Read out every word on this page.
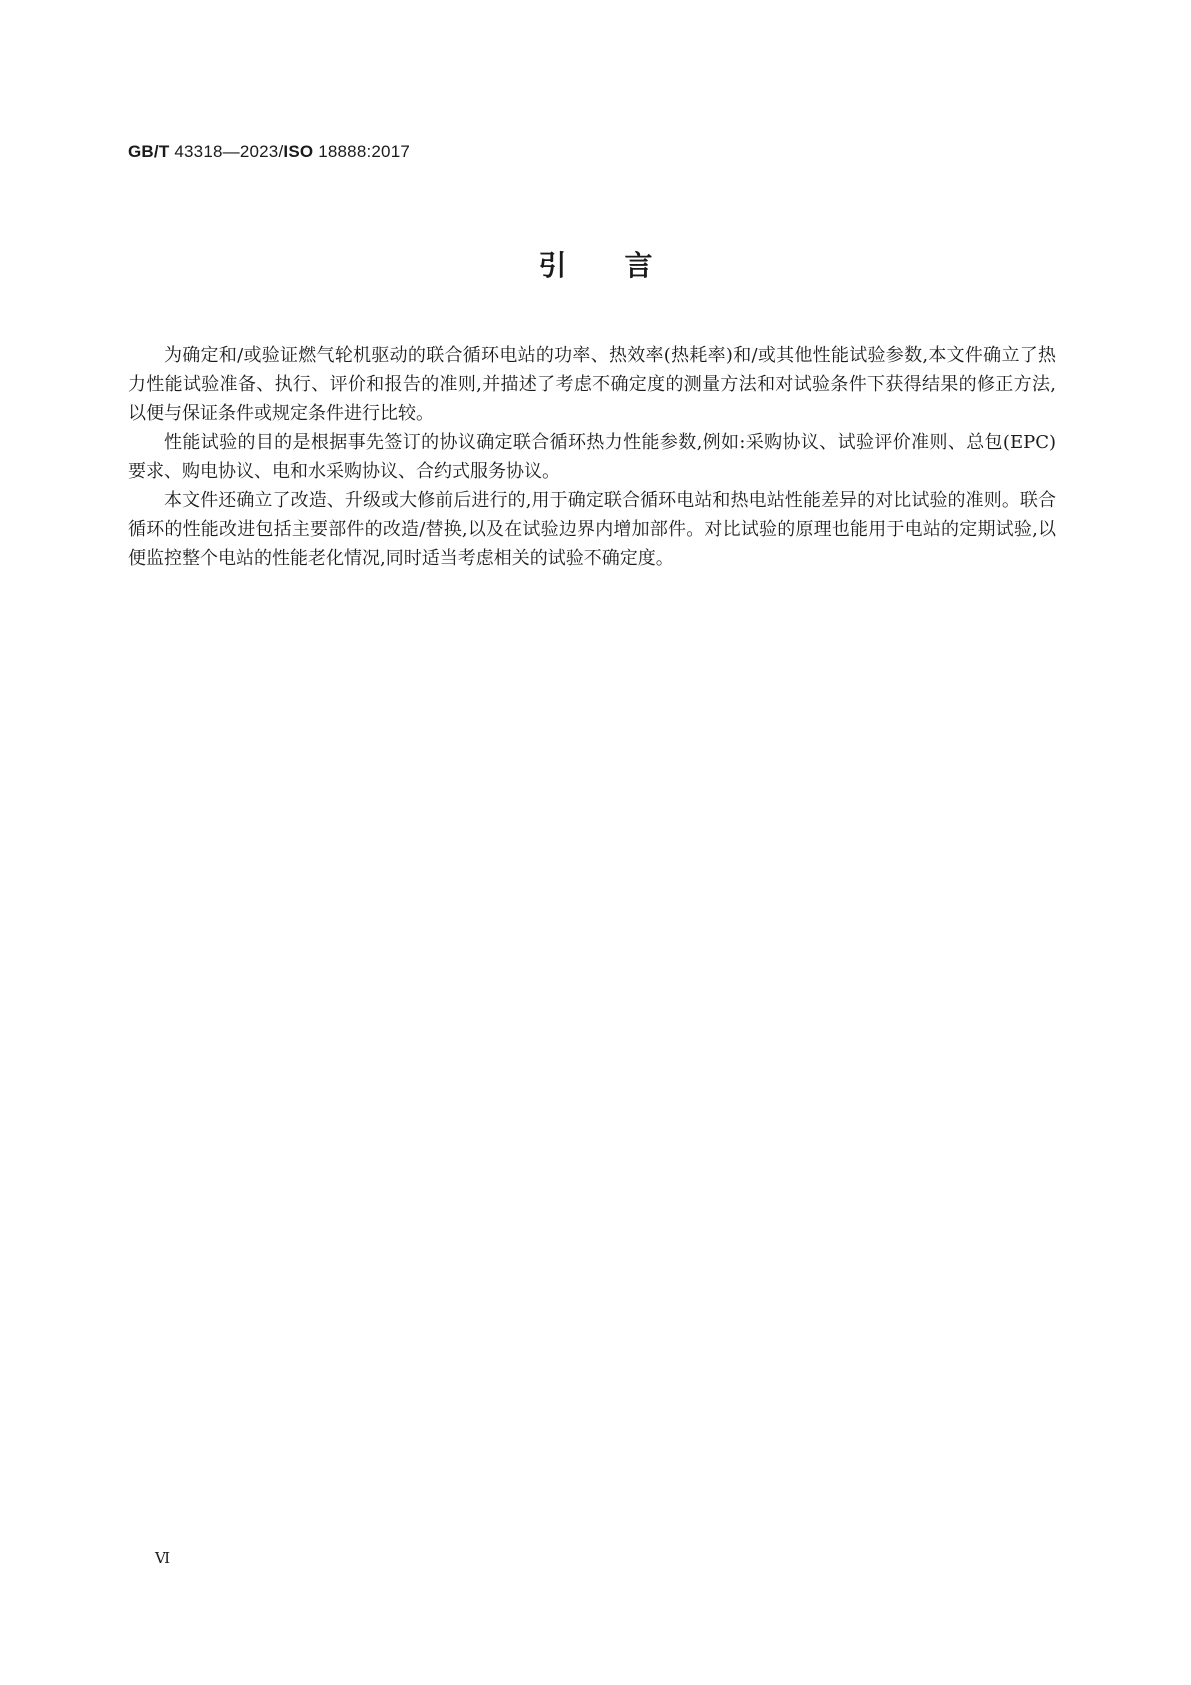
GB/T 43318—2023/ISO 18888:2017
引言

为确定和/或验证燃气轮机驱动的联合循环电站的功率、热效率(热耗率)和/或其他性能试验参数,本文件确立了热力性能试验准备、执行、评价和报告的准则,并描述了考虑不确定度的测量方法和对试验条件下获得结果的修正方法,以便与保证条件或规定条件进行比较。

性能试验的目的是根据事先签订的协议确定联合循环热力性能参数,例如:采购协议、试验评价准则、总包(EPC)要求、购电协议、电和水采购协议、合约式服务协议。

本文件还确立了改造、升级或大修前后进行的,用于确定联合循环电站和热电站性能差异的对比试验的准则。联合循环的性能改进包括主要部件的改造/替换,以及在试验边界内增加部件。对比试验的原理也能用于电站的定期试验,以便监控整个电站的性能老化情况,同时适当考虑相关的试验不确定度。

Ⅵ
